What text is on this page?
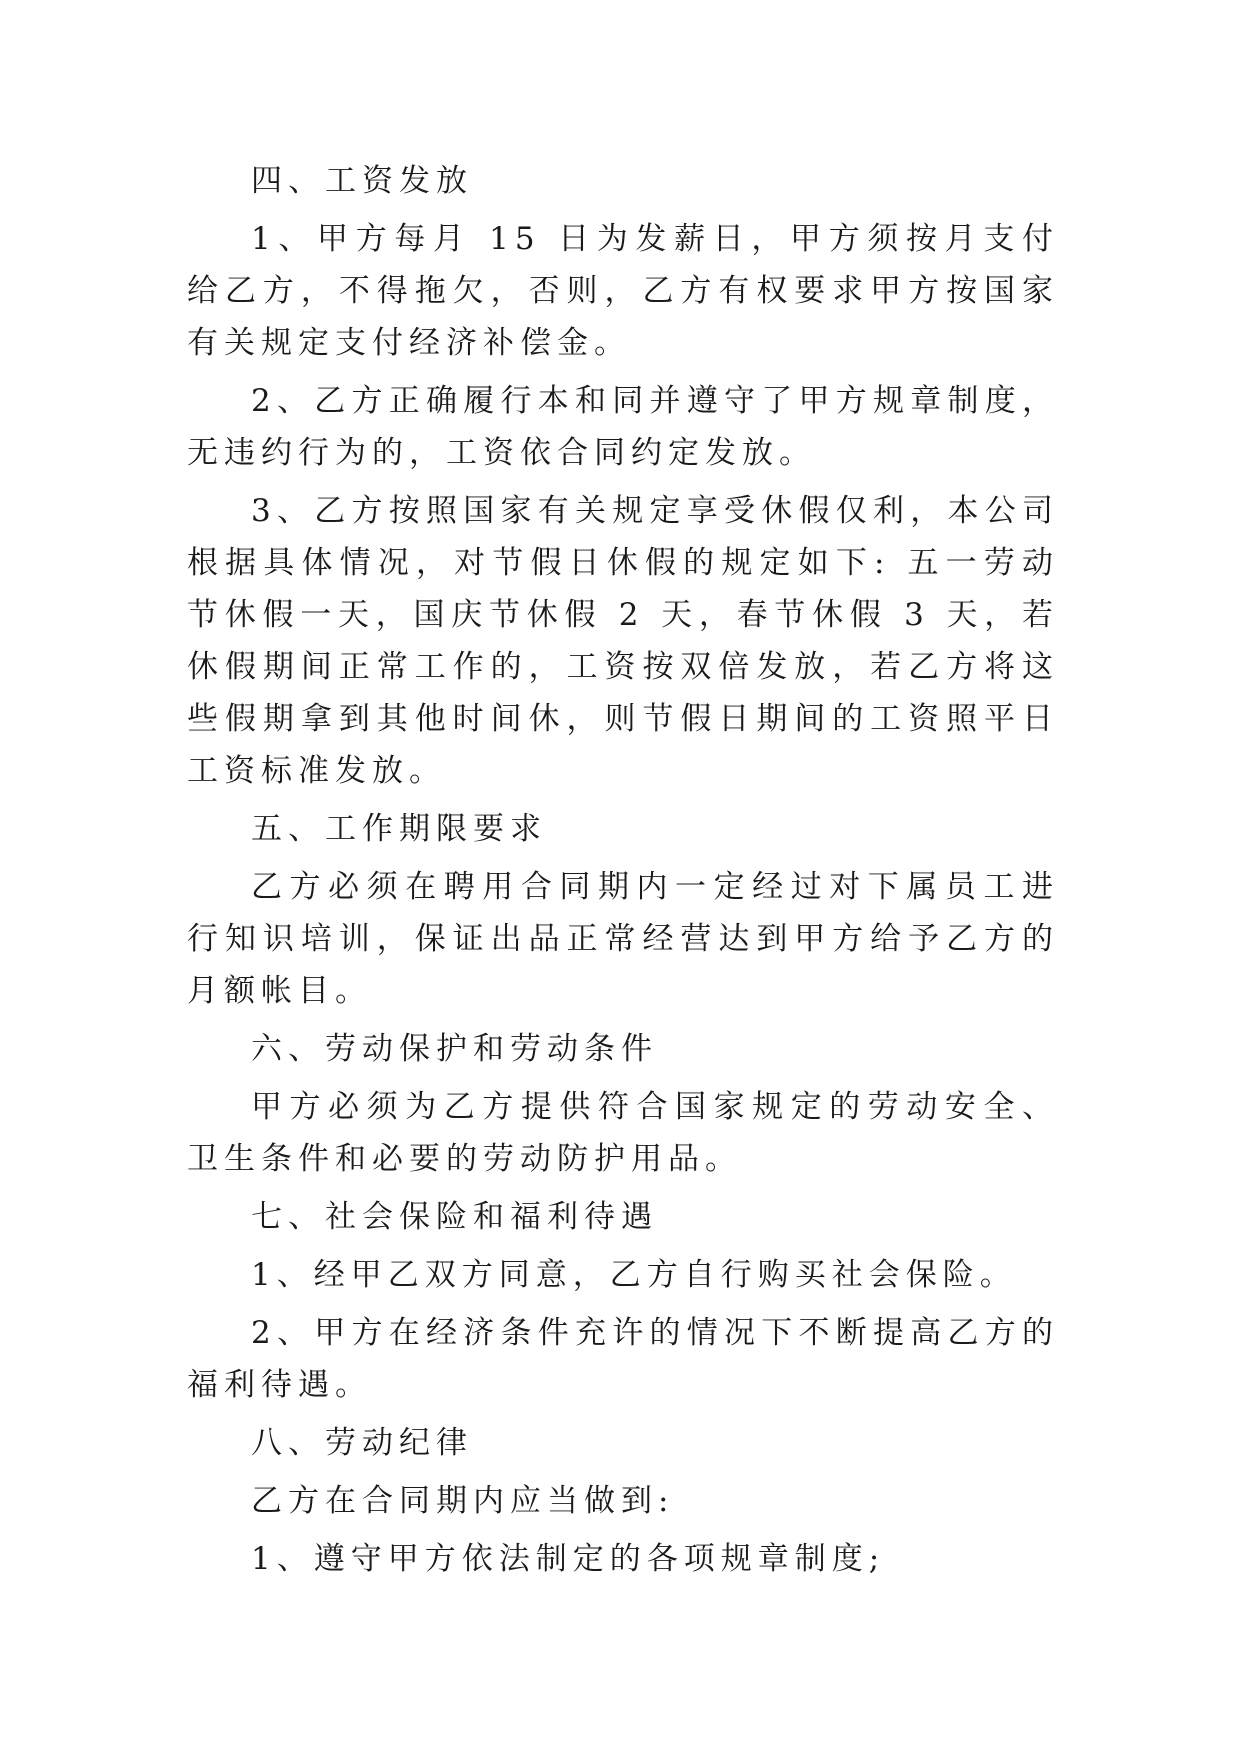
四、工资发放

1、甲方每月 15 日为发薪日，甲方须按月支付给乙方，不得拖欠，否则，乙方有权要求甲方按国家有关规定支付经济补偿金。

2、乙方正确履行本和同并遵守了甲方规章制度，无违约行为的，工资依合同约定发放。

3、乙方按照国家有关规定享受休假仅利，本公司根据具体情况，对节假日休假的规定如下: 五一劳动节休假一天，国庆节休假 2 天，春节休假 3 天，若休假期间正常工作的，工资按双倍发放，若乙方将这些假期拿到其他时间休，则节假日期间的工资照平日工资标准发放。

五、工作期限要求

乙方必须在聘用合同期内一定经过对下属员工进行知识培训，保证出品正常经营达到甲方给予乙方的月额帐目。

六、劳动保护和劳动条件

甲方必须为乙方提供符合国家规定的劳动安全、卫生条件和必要的劳动防护用品。

七、社会保险和福利待遇

1、经甲乙双方同意，乙方自行购买社会保险。

2、甲方在经济条件充许的情况下不断提高乙方的福利待遇。

八、劳动纪律

乙方在合同期内应当做到:

1、遵守甲方依法制定的各项规章制度;
